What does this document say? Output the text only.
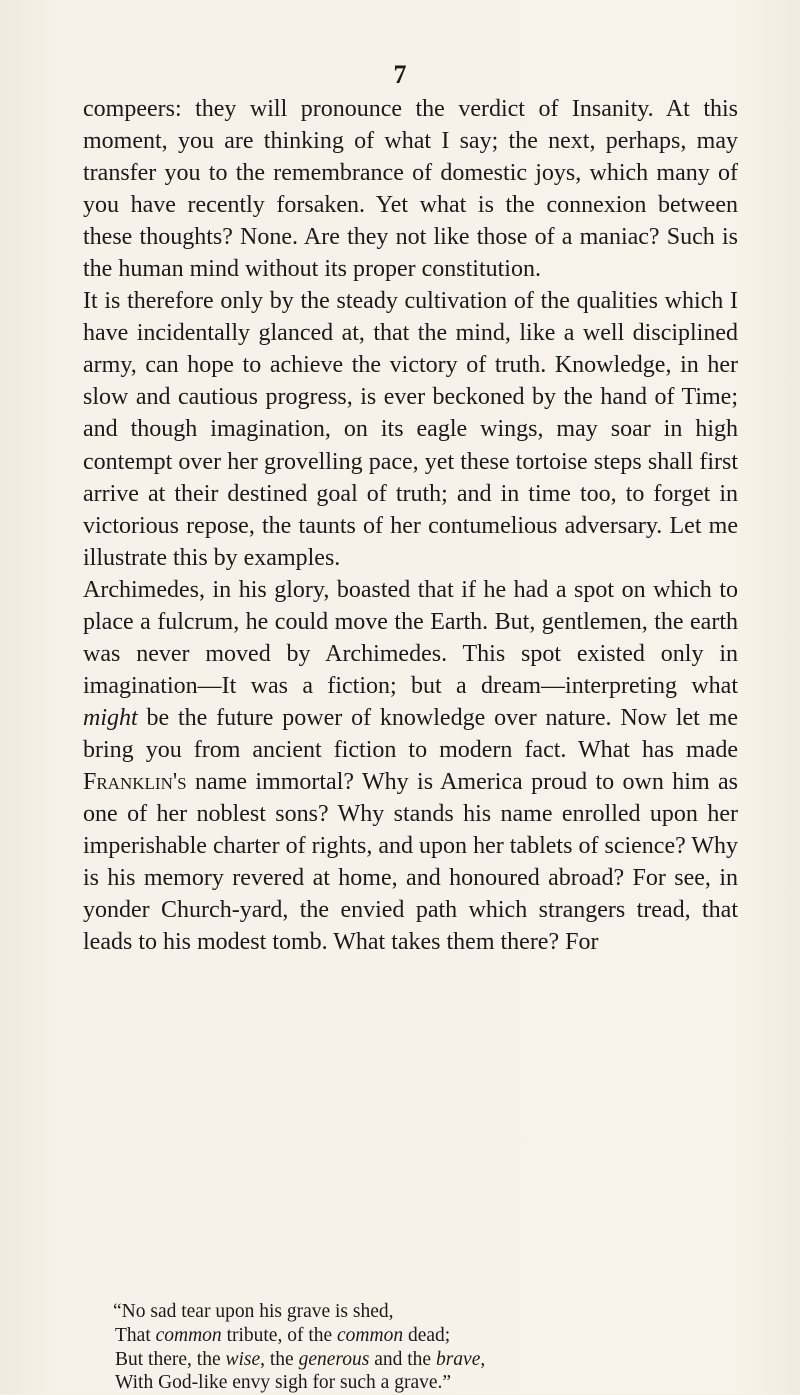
7

compeers: they will pronounce the verdict of Insanity. At this moment, you are thinking of what I say; the next, perhaps, may transfer you to the remembrance of domestic joys, which many of you have recently forsaken. Yet what is the connexion between these thoughts? None. Are they not like those of a maniac? Such is the human mind without its proper constitution.

It is therefore only by the steady cultivation of the qualities which I have incidentally glanced at, that the mind, like a well disciplined army, can hope to achieve the victory of truth. Knowledge, in her slow and cautious progress, is ever beckoned by the hand of Time; and though imagination, on its eagle wings, may soar in high contempt over her grovelling pace, yet these tortoise steps shall first arrive at their destined goal of truth; and in time too, to forget in victorious repose, the taunts of her contumelious adversary. Let me illustrate this by examples.

Archimedes, in his glory, boasted that if he had a spot on which to place a fulcrum, he could move the Earth. But, gentlemen, the earth was never moved by Archimedes. This spot existed only in imagination—It was a fiction; but a dream—interpreting what might be the future power of knowledge over nature. Now let me bring you from ancient fiction to modern fact. What has made Franklin's name immortal? Why is America proud to own him as one of her noblest sons? Why stands his name enrolled upon her imperishable charter of rights, and upon her tablets of science? Why is his memory revered at home, and honoured abroad? For see, in yonder Church-yard, the envied path which strangers tread, that leads to his modest tomb. What takes them there? For

“No sad tear upon his grave is shed,
That common tribute, of the common dead;
But there, the wise, the generous and the brave,
With God-like envy sigh for such a grave.”
